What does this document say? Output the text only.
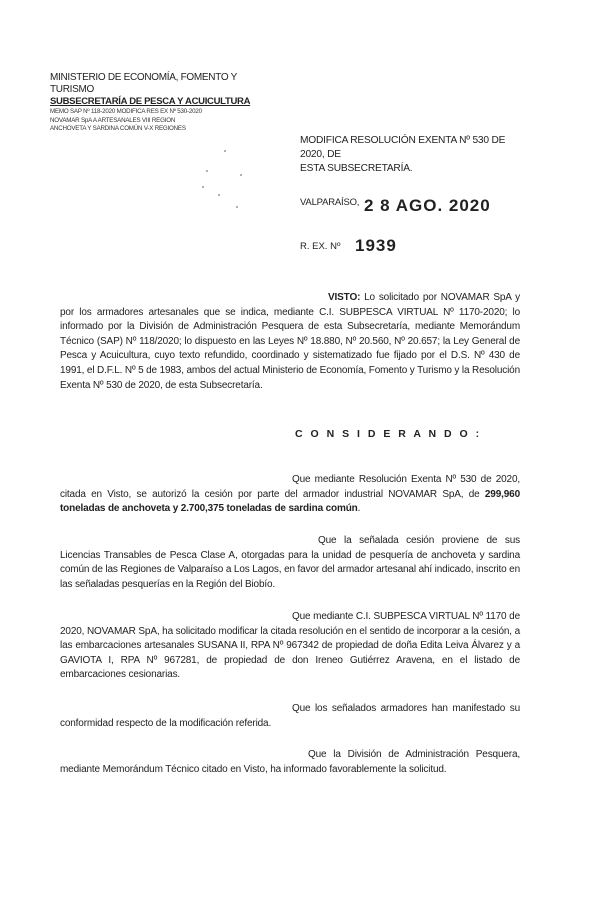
MINISTERIO DE ECONOMÍA, FOMENTO Y TURISMO
SUBSECRETARÍA DE PESCA Y ACUICULTURA
MEMO SAP Nº 118-2020 MODIFICA RES EX Nº 530-2020
NOVAMAR SpA A ARTESANALES VIII REGION
ANCHOVETA Y SARDINA COMÚN V-X REGIONES
MODIFICA RESOLUCIÓN EXENTA Nº 530 DE 2020, DE
ESTA SUBSECRETARÍA.
VALPARAÍSO, 2 8 AGO. 2020
R. EX. Nº 1939
VISTO: Lo solicitado por NOVAMAR SpA y por los armadores artesanales que se indica, mediante C.I. SUBPESCA VIRTUAL Nº 1170-2020; lo informado por la División de Administración Pesquera de esta Subsecretaría, mediante Memorándum Técnico (SAP) Nº 118/2020; lo dispuesto en las Leyes Nº 18.880, Nº 20.560, Nº 20.657; la Ley General de Pesca y Acuicultura, cuyo texto refundido, coordinado y sistematizado fue fijado por el D.S. Nº 430 de 1991, el D.F.L. Nº 5 de 1983, ambos del actual Ministerio de Economía, Fomento y Turismo y la Resolución Exenta Nº 530 de 2020, de esta Subsecretaría.
C O N S I D E R A N D O :
Que mediante Resolución Exenta Nº 530 de 2020, citada en Visto, se autorizó la cesión por parte del armador industrial NOVAMAR SpA, de 299,960 toneladas de anchoveta y 2.700,375 toneladas de sardina común.
Que la señalada cesión proviene de sus Licencias Transables de Pesca Clase A, otorgadas para la unidad de pesquería de anchoveta y sardina común de las Regiones de Valparaíso a Los Lagos, en favor del armador artesanal ahí indicado, inscrito en las señaladas pesquerías en la Región del Biobío.
Que mediante C.I. SUBPESCA VIRTUAL Nº 1170 de 2020, NOVAMAR SpA, ha solicitado modificar la citada resolución en el sentido de incorporar a la cesión, a las embarcaciones artesanales SUSANA II, RPA Nº 967342 de propiedad de doña Edita Leiva Álvarez y a GAVIOTA I, RPA Nº 967281, de propiedad de don Ireneo Gutiérrez Aravena, en el listado de embarcaciones cesionarias.
Que los señalados armadores han manifestado su conformidad respecto de la modificación referida.
Que la División de Administración Pesquera, mediante Memorándum Técnico citado en Visto, ha informado favorablemente la solicitud.
